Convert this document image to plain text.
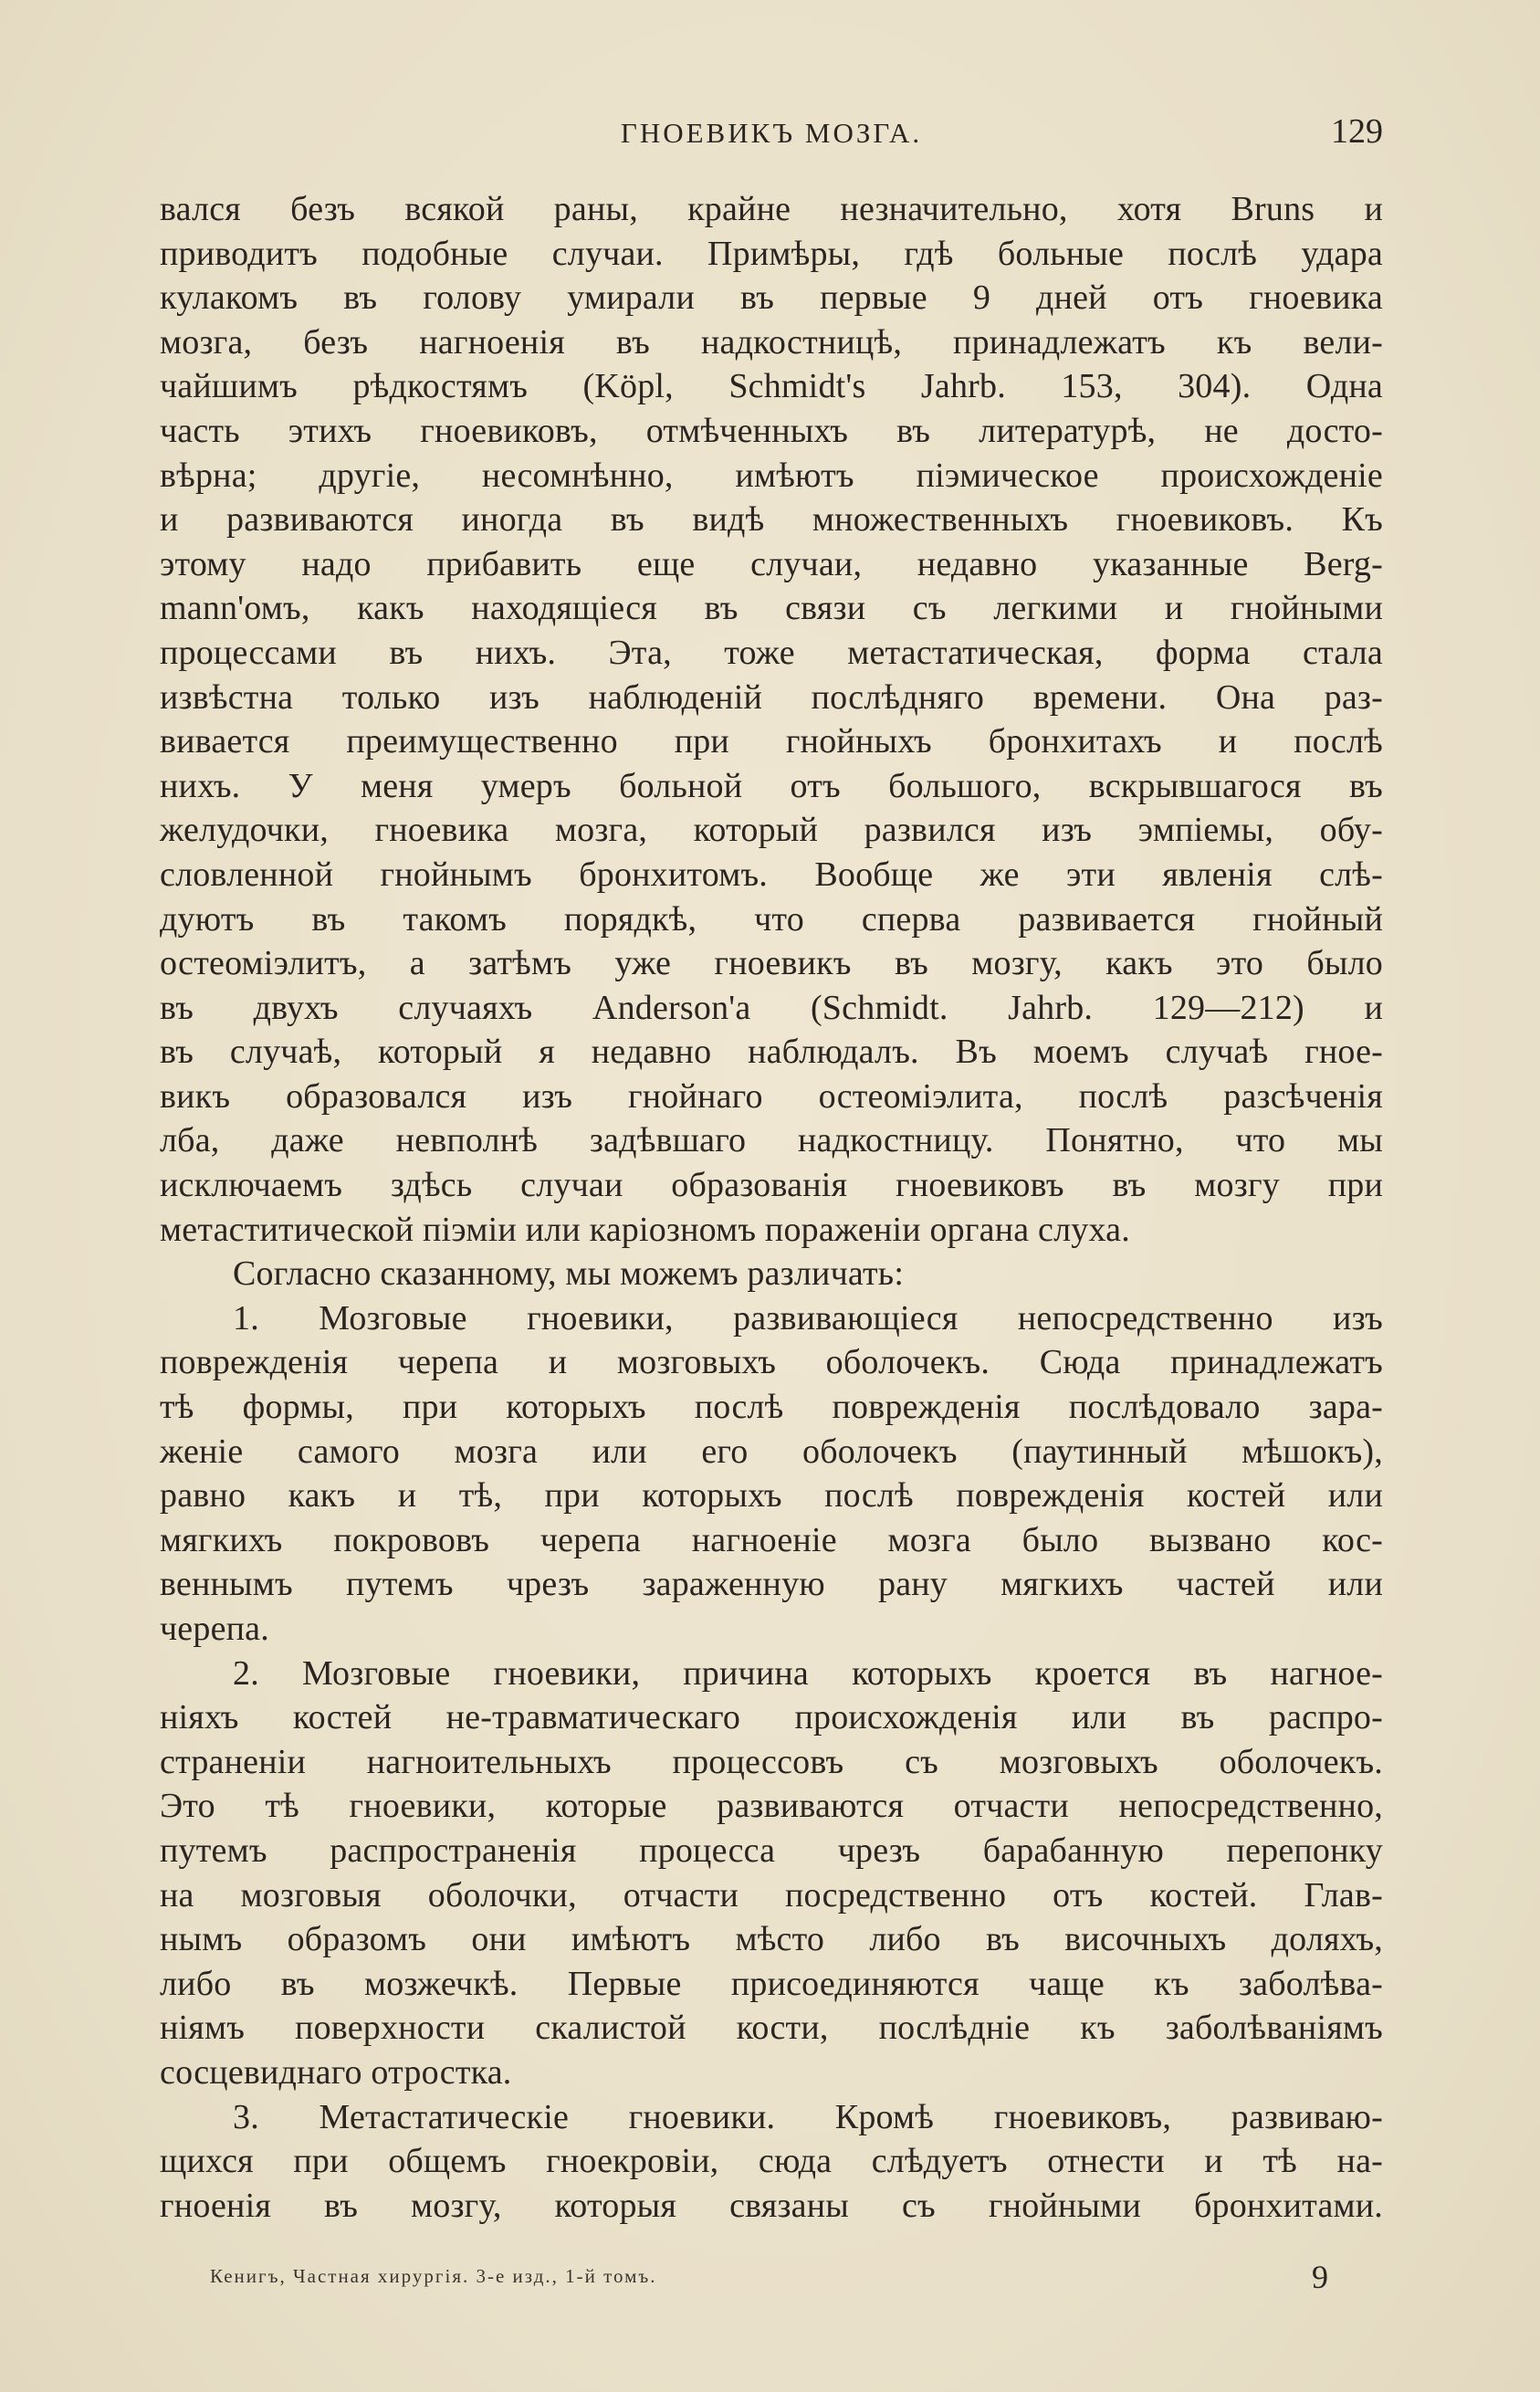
ГНОЕВИКЪ МОЗГА.	129
вался безъ всякой раны, крайне незначительно, хотя Bruns и
приводитъ подобные случаи. Примѣры, гдѣ больные послѣ удара
кулакомъ въ голову умирали въ первые 9 дней отъ гноевика
мозга, безъ нагноенія въ надкостницѣ, принадлежатъ къ вели-
чайшимъ рѣдкостямъ (Köpl, Schmidt's Jahrb. 153, 304). Одна
часть этихъ гноевиковъ, отмѣченныхъ въ литературѣ, не досто-
вѣрна; другіе, несомнѣнно, имѣютъ піэмическое происхожденіе
и развиваются иногда въ видѣ множественныхъ гноевиковъ. Къ
этому надо прибавить еще случаи, недавно указанные Berg-
mann'омъ, какъ находящіеся въ связи съ легкими и гнойными
процессами въ нихъ. Эта, тоже метастатическая, форма стала
извѣстна только изъ наблюденій послѣдняго времени. Она раз-
вивается преимущественно при гнойныхъ бронхитахъ и послѣ
нихъ. У меня умеръ больной отъ большого, вскрывшагося въ
желудочки, гноевика мозга, который развился изъ эмпіемы, обу-
словленной гнойнымъ бронхитомъ. Вообще же эти явленія слѣ-
дуютъ въ такомъ порядкѣ, что сперва развивается гнойный
остеоміэлитъ, а затѣмъ уже гноевикъ въ мозгу, какъ это было
въ двухъ случаяхъ Anderson'а (Schmidt. Jahrb. 129—212) и
въ случаѣ, который я недавно наблюдалъ. Въ моемъ случаѣ гное-
викъ образовался изъ гнойнаго остеоміэлита, послѣ разсѣченія
лба, даже невполнѣ задѣвшаго надкостницу. Понятно, что мы
исключаемъ здѣсь случаи образованія гноевиковъ въ мозгу при
метаститической піэміи или каріозномъ пораженіи органа слуха.
Согласно сказанному, мы можемъ различать:
1. Мозговые гноевики, развивающіеся непосредственно изъ
поврежденія черепа и мозговыхъ оболочекъ. Сюда принадлежатъ
тѣ формы, при которыхъ послѣ поврежденія послѣдовало зара-
женіе самого мозга или его оболочекъ (паутинный мѣшокъ),
равно какъ и тѣ, при которыхъ послѣ поврежденія костей или
мягкихъ покрововъ черепа нагноеніе мозга было вызвано кос-
веннымъ путемъ чрезъ зараженную рану мягкихъ частей или
черепа.
2. Мозговые гноевики, причина которыхъ кроется въ нагное-
ніяхъ костей не-травматическаго происхожденія или въ распро-
страненіи нагноительныхъ процессовъ съ мозговыхъ оболочекъ.
Это тѣ гноевики, которые развиваются отчасти непосредственно,
путемъ распространенія процесса чрезъ барабанную перепонку
на мозговыя оболочки, отчасти посредственно отъ костей. Глав-
нымъ образомъ они имѣютъ мѣсто либо въ височныхъ доляхъ,
либо въ мозжечкѣ. Первые присоединяются чаще къ заболѣва-
ніямъ поверхности скалистой кости, послѣдніе къ заболѣваніямъ
сосцевиднаго отростка.
3. Метастатическіе гноевики. Кромѣ гноевиковъ, развиваю-
щихся при общемъ гноекровіи, сюда слѣдуетъ отнести и тѣ на-
гноенія въ мозгу, которыя связаны съ гнойными бронхитами.
Кенигъ, Частная хирургія. 3-е изд., 1-й томъ.	9
